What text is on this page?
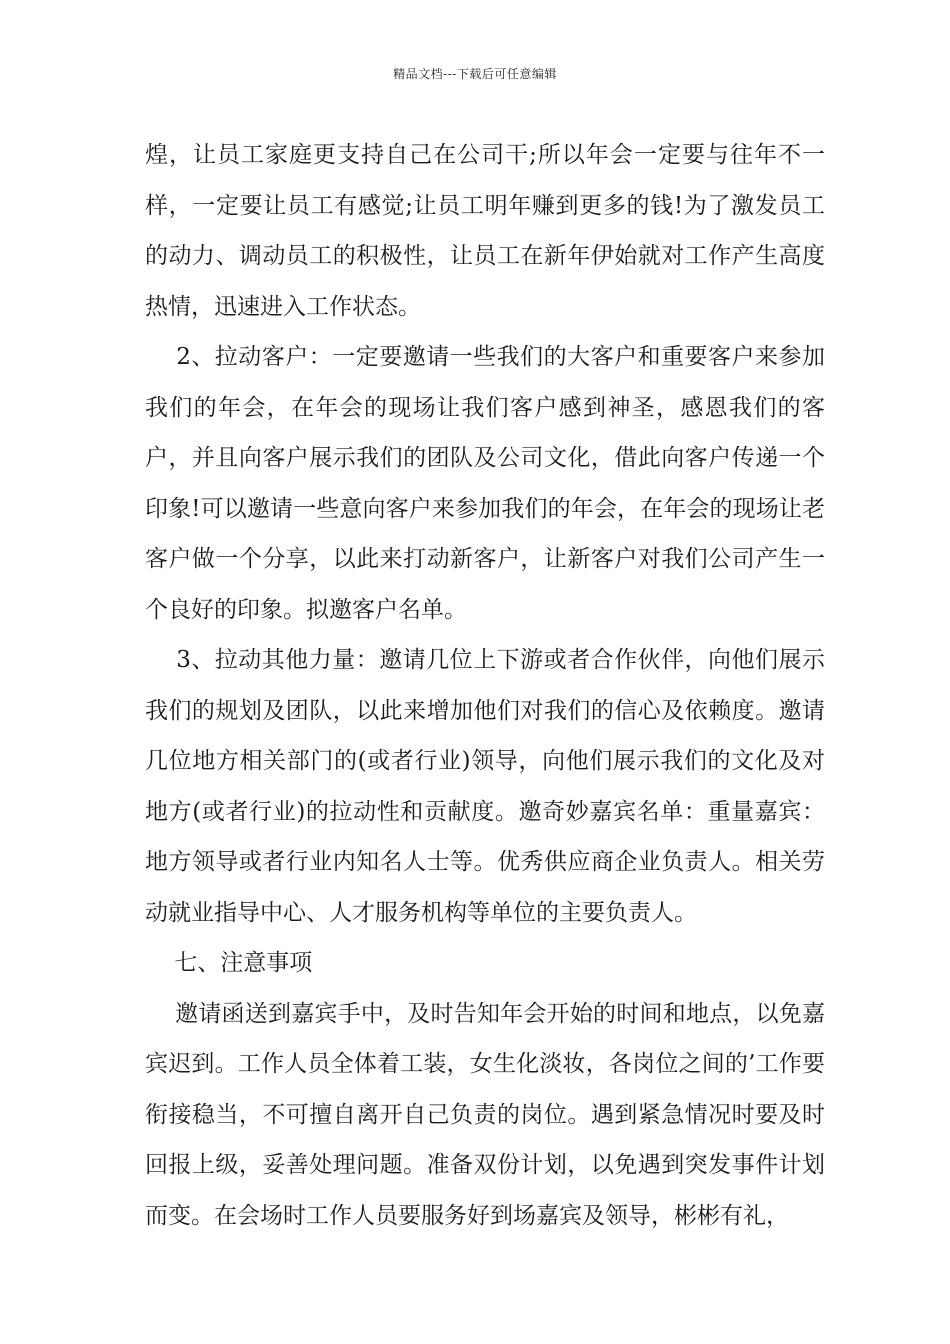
精品文档---下载后可任意编辑

煌，让员工家庭更支持自己在公司干;所以年会一定要与往年不一样，一定要让员工有感觉;让员工明年赚到更多的钱!为了激发员工的动力、调动员工的积极性，让员工在新年伊始就对工作产生高度热情，迅速进入工作状态。

2、拉动客户：一定要邀请一些我们的大客户和重要客户来参加我们的年会，在年会的现场让我们客户感到神圣，感恩我们的客户，并且向客户展示我们的团队及公司文化，借此向客户传递一个印象!可以邀请一些意向客户来参加我们的年会，在年会的现场让老客户做一个分享，以此来打动新客户，让新客户对我们公司产生一个良好的印象。拟邀客户名单。

3、拉动其他力量：邀请几位上下游或者合作伙伴，向他们展示我们的规划及团队，以此来增加他们对我们的信心及依赖度。邀请几位地方相关部门的(或者行业)领导，向他们展示我们的文化及对地方(或者行业)的拉动性和贡献度。邀奇妙嘉宾名单：重量嘉宾：地方领导或者行业内知名人士等。优秀供应商企业负责人。相关劳动就业指导中心、人才服务机构等单位的主要负责人。

七、注意事项

邀请函送到嘉宾手中，及时告知年会开始的时间和地点，以免嘉宾迟到。工作人员全体着工装，女生化淡妆，各岗位之间的’工作要衔接稳当，不可擅自离开自己负责的岗位。遇到紧急情况时要及时回报上级，妥善处理问题。准备双份计划，以免遇到突发事件计划而变。在会场时工作人员要服务好到场嘉宾及领导，彬彬有礼，
